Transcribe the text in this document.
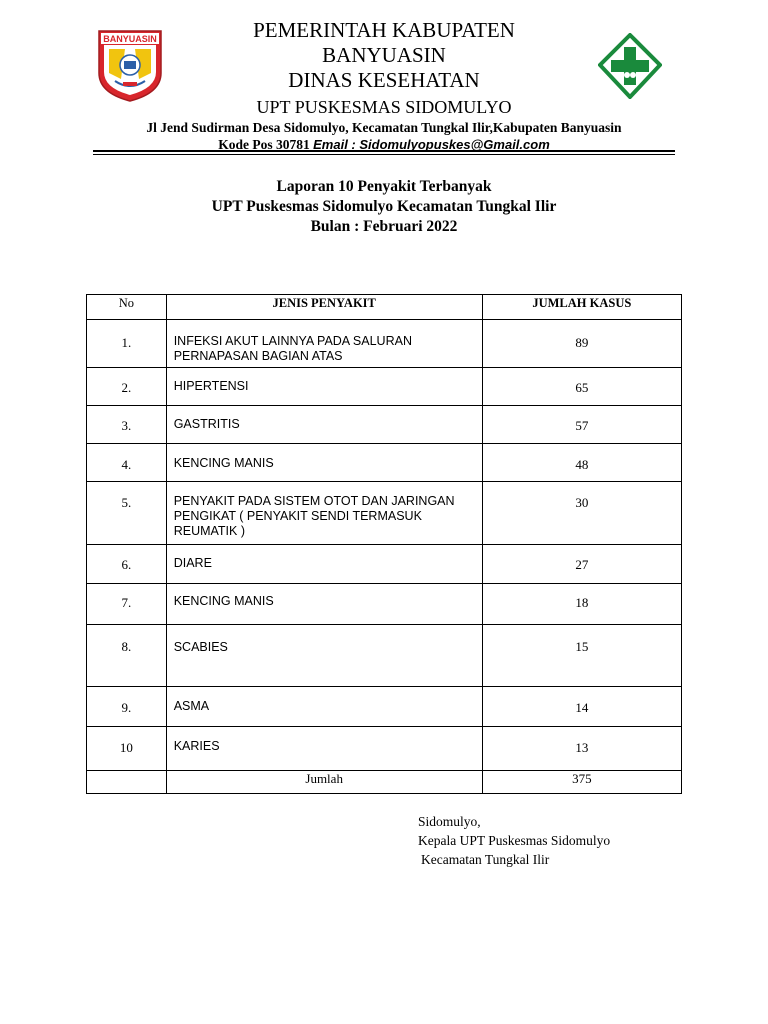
BANYUASIN	PEMERINTAH KABUPATEN
BANYUASIN
DINAS KESEHATAN
UPT PUSKESMAS SIDOMULYO
Jl Jend Sudirman Desa Sidomulyo, Kecamatan Tungkal Ilir,Kabupaten Banyuasin
Kode Pos 30781 Email : Sidomulyopuskes@Gmail.com
Laporan 10 Penyakit Terbanyak
UPT Puskesmas Sidomulyo Kecamatan Tungkal Ilir
Bulan : Februari 2022
No	JENIS PENYAKIT	JUMLAH KASUS

1.	INFEKSI AKUT LAINNYA PADA SALURAN PERNAPASAN BAGIAN ATAS	89

2.	HIPERTENSI	65

3.	GASTRITIS	57

4.	KENCING MANIS	48

5.	PENYAKIT PADA SISTEM OTOT DAN JARINGAN PENGIKAT ( PENYAKIT SENDI TERMASUK REUMATIK )	30

6.	DIARE	27

7.	KENCING MANIS	18

8.	SCABIES	15

9.	ASMA	14

10	KARIES	13

	Jumlah	375
Sidomulyo,
Kepala UPT Puskesmas Sidomulyo
Kecamatan Tungkal Ilir
